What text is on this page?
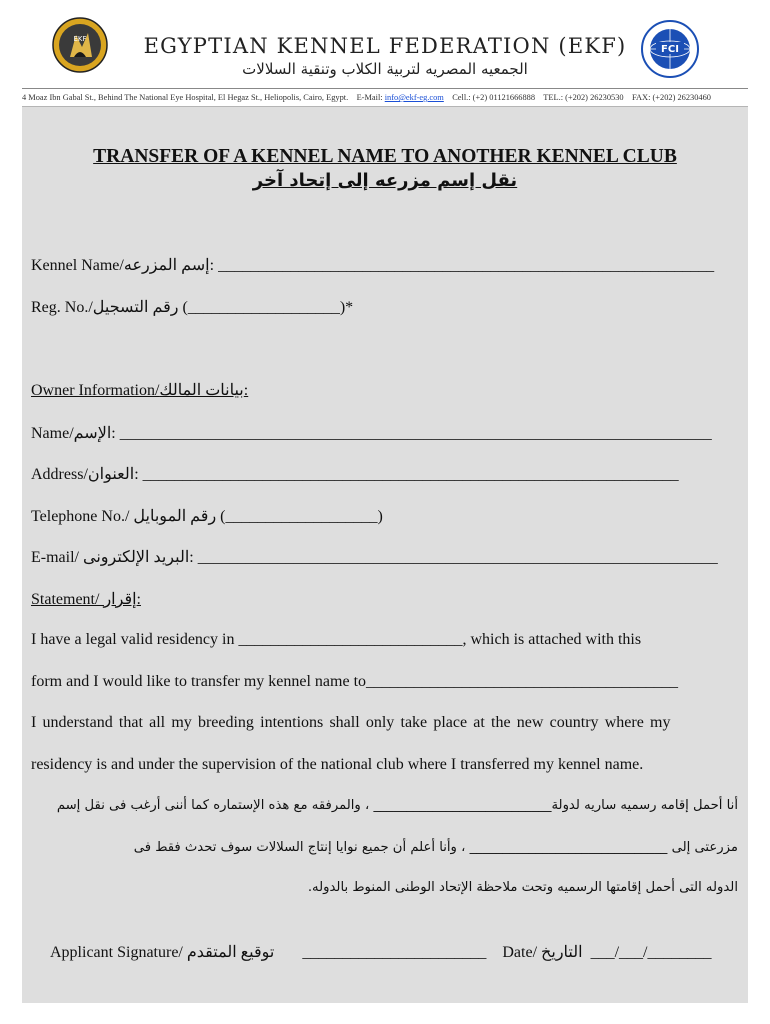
EKF	EGYPTIAN KENNEL FEDERATION (EKF)
الجمعيه المصريه لتربية الكلاب وتنقية السلالات
FCI
4 Moaz Ibn Gabal St., Behind The National Eye Hospital, El Hegaz St., Heliopolis, Cairo, Egypt. E-Mail: info@ekf-eg.com Cell.: (+2) 01121666888 TEL.: (+202) 26230530 FAX: (+202) 26230460
TRANSFER OF A KENNEL NAME TO ANOTHER KENNEL CLUB
نقل إسم مزرعه إلى إتحاد آخر
Kennel Name/إسم المزرعه: ______________________________________________________________
Reg. No./رقم التسجيل (___________________)*
Owner Information/بيانات المالك:
Name/الإسم: __________________________________________________________________________
Address/العنوان: ___________________________________________________________________
Telephone No./ رقم الموبايل (___________________)
E-mail/ البريد الإلكترونى: _________________________________________________________________
Statement/ إقرار:
I have a legal valid residency in ____________________________, which is attached with this
form and I would like to transfer my kennel name to_______________________________________
I understand that all my breeding intentions shall only take place at the new country where my
residency is and under the supervision of the national club where I transferred my kennel name.
أنا أحمل إقامه رسميه ساريه لدولة___________________________ ، والمرفقه مع هذه الإستماره كما أننى أرغب فى نقل إسم
مزرعتى إلى ______________________________ ، وأنا أعلم أن جميع نوايا إنتاج السلالات سوف تحدث فقط فى
الدوله التى أحمل إقامتها الرسميه وتحت ملاحظة الإتحاد الوطنى المنوط بالدوله.
Applicant Signature/ توقيع المتقدم _______________________ Date/ التاريخ ___/___/________
